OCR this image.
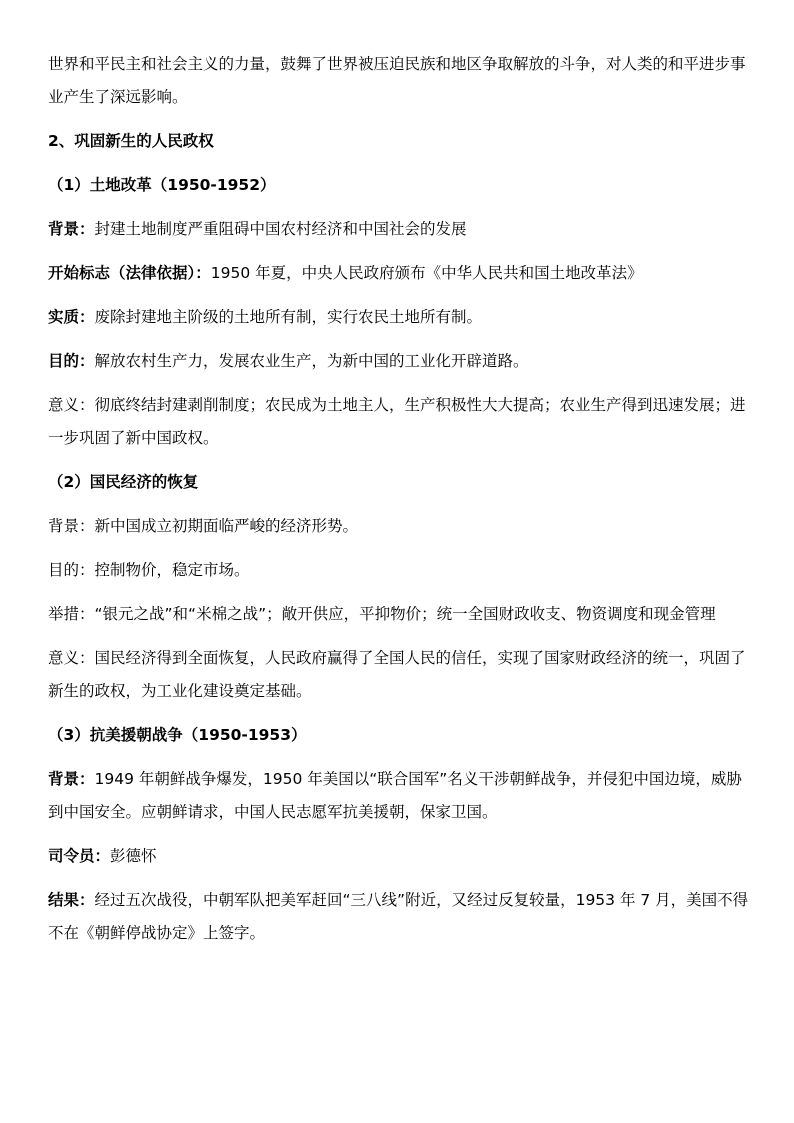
世界和平民主和社会主义的力量，鼓舞了世界被压迫民族和地区争取解放的斗争，对人类的和平进步事业产生了深远影响。

2、巩固新生的人民政权

（1）土地改革（1950-1952）

背景：封建土地制度严重阻碍中国农村经济和中国社会的发展

开始标志（法律依据）：1950 年夏，中央人民政府颁布《中华人民共和国土地改革法》

实质：废除封建地主阶级的土地所有制，实行农民土地所有制。

目的：解放农村生产力，发展农业生产，为新中国的工业化开辟道路。

意义：彻底终结封建剥削制度；农民成为土地主人，生产积极性大大提高；农业生产得到迅速发展；进一步巩固了新中国政权。

（2）国民经济的恢复

背景：新中国成立初期面临严峻的经济形势。

目的：控制物价，稳定市场。

举措：“银元之战”和“米棉之战”；敞开供应，平抑物价；统一全国财政收支、物资调度和现金管理

意义：国民经济得到全面恢复，人民政府赢得了全国人民的信任，实现了国家财政经济的统一，巩固了新生的政权，为工业化建设奠定基础。

（3）抗美援朝战争（1950-1953）

背景：1949 年朝鲜战争爆发，1950 年美国以“联合国军”名义干涉朝鲜战争，并侵犯中国边境，威胁到中国安全。应朝鲜请求，中国人民志愿军抗美援朝，保家卫国。

司令员：彭德怀

结果：经过五次战役，中朝军队把美军赶回“三八线”附近，又经过反复较量，1953 年 7 月，美国不得不在《朝鲜停战协定》上签字。
